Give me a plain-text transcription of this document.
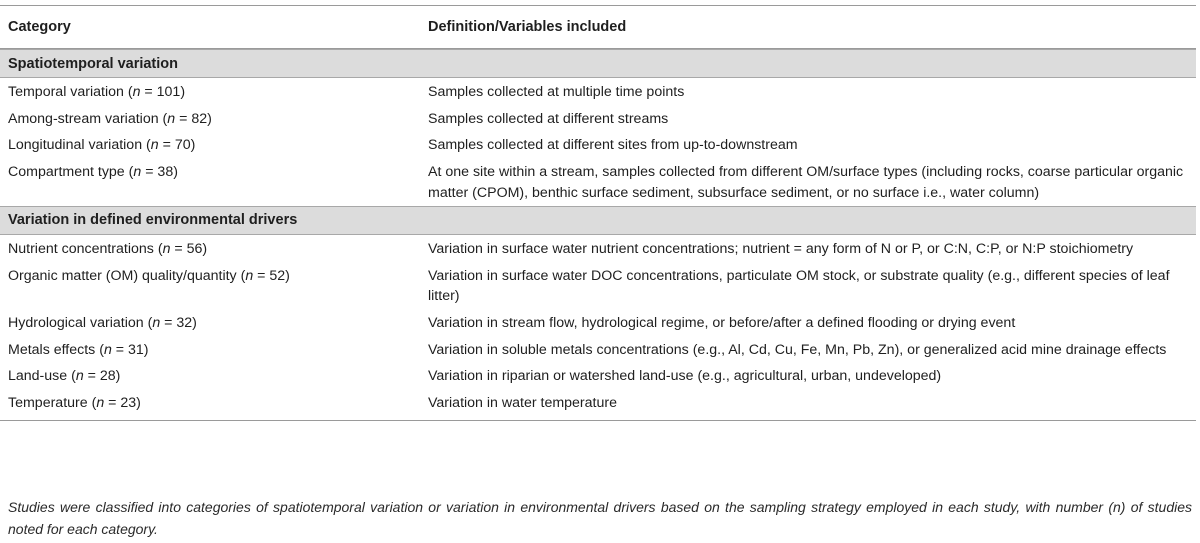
Category	Definition/Variables included
Spatiotemporal variation
Temporal variation (n = 101)	Samples collected at multiple time points
Among-stream variation (n = 82)	Samples collected at different streams
Longitudinal variation (n = 70)	Samples collected at different sites from up-to-downstream
Compartment type (n = 38)	At one site within a stream, samples collected from different OM/surface types (including rocks, coarse particular organic matter (CPOM), benthic surface sediment, subsurface sediment, or no surface i.e., water column)
Variation in defined environmental drivers
Nutrient concentrations (n = 56)	Variation in surface water nutrient concentrations; nutrient = any form of N or P, or C:N, C:P, or N:P stoichiometry
Organic matter (OM) quality/quantity (n = 52)	Variation in surface water DOC concentrations, particulate OM stock, or substrate quality (e.g., different species of leaf litter)
Hydrological variation (n = 32)	Variation in stream flow, hydrological regime, or before/after a defined flooding or drying event
Metals effects (n = 31)	Variation in soluble metals concentrations (e.g., Al, Cd, Cu, Fe, Mn, Pb, Zn), or generalized acid mine drainage effects
Land-use (n = 28)	Variation in riparian or watershed land-use (e.g., agricultural, urban, undeveloped)
Temperature (n = 23)	Variation in water temperature
Studies were classified into categories of spatiotemporal variation or variation in environmental drivers based on the sampling strategy employed in each study, with number (n) of studies noted for each category.
